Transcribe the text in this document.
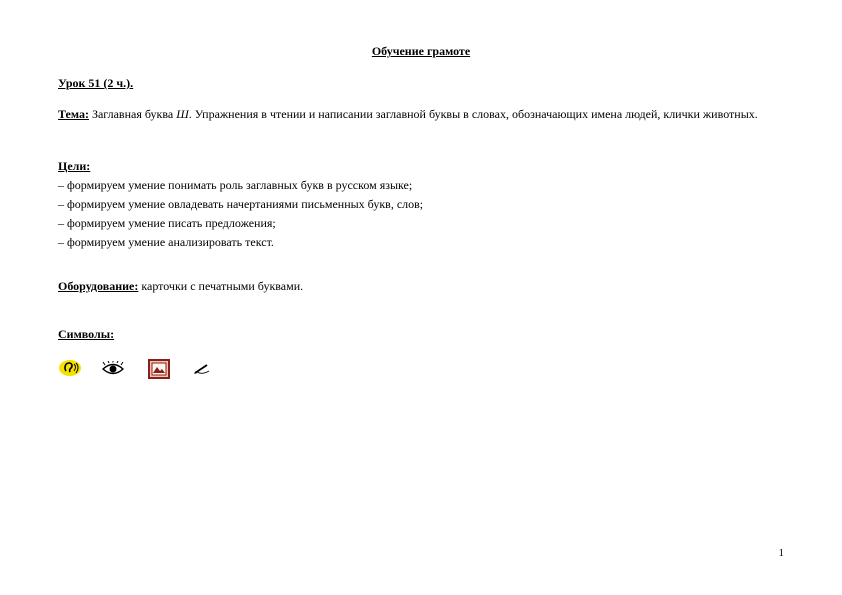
Обучение грамоте
Урок 51 (2 ч.).
Тема: Заглавная буква Ш. Упражнения в чтении и написании заглавной буквы в словах, обозначающих имена людей, клички животных.
Цели:
– формируем умение понимать роль заглавных букв в русском языке;
– формируем умение овладевать начертаниями письменных букв, слов;
– формируем умение писать предложения;
– формируем умение анализировать текст.
Оборудование: карточки с печатными буквами.
Символы:
1
